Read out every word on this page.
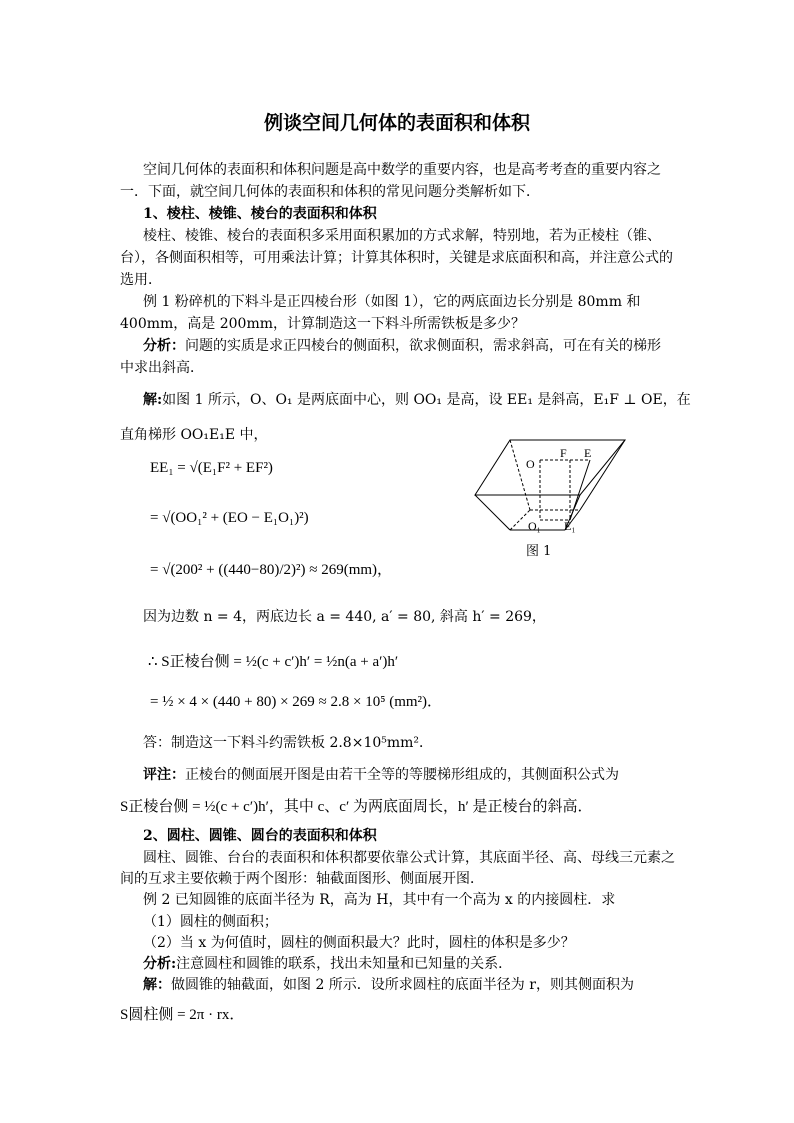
例谈空间几何体的表面积和体积
空间几何体的表面积和体积问题是高中数学的重要内容，也是高考考查的重要内容之
一．下面，就空间几何体的表面积和体积的常见问题分类解析如下．
1、棱柱、棱锥、棱台的表面积和体积
棱柱、棱锥、棱台的表面积多采用面积累加的方式求解，特别地，若为正棱柱（锥、
台），各侧面积相等，可用乘法计算；计算其体积时，关键是求底面积和高，并注意公式的
选用．
例 1 粉碎机的下料斗是正四棱台形（如图 1），它的两底面边长分别是 80mm 和
400mm，高是 200mm，计算制造这一下料斗所需铁板是多少？
分析：问题的实质是求正四棱台的侧面积，欲求侧面积，需求斜高，可在有关的梯形
中求出斜高．
解:如图 1 所示，O、O₁ 是两底面中心，则 OO₁ 是高，设 EE₁ 是斜高，E₁F ⊥ OE，在
直角梯形 OO₁E₁E 中，
EE₁ = √(E₁F² + EF²)
= √(OO₁² + (EO − E₁O₁)²)
= √(200² + ((440−80)/2)²) ≈ 269(mm)，
因为边数 n = 4，两底边长 a = 440, a′ = 80, 斜高 h′ = 269，
∴ S正棱台侧 = ½(c + c′)h′ = ½n(a + a′)h′
= ½ × 4 × (440 + 80) × 269 ≈ 2.8 × 10⁵ (mm²)．
答：制造这一下料斗约需铁板 2.8×10⁵mm²．
评注：正棱台的侧面展开图是由若干全等的等腰梯形组成的，其侧面积公式为
S正棱台侧 = ½(c + c′)h′，其中 c、c′ 为两底面周长，h′ 是正棱台的斜高．
O
F E
O₁ E₁
图 1
2、圆柱、圆锥、圆台的表面积和体积
圆柱、圆锥、台台的表面积和体积都要依靠公式计算，其底面半径、高、母线三元素之
间的互求主要依赖于两个图形：轴截面图形、侧面展开图．
例 2 已知圆锥的底面半径为 R，高为 H，其中有一个高为 x 的内接圆柱．求
（1）圆柱的侧面积；
（2）当 x 为何值时，圆柱的侧面积最大？此时，圆柱的体积是多少？
分析:注意圆柱和圆锥的联系，找出未知量和已知量的关系．
解：做圆锥的轴截面，如图 2 所示．设所求圆柱的底面半径为 r，则其侧面积为
S圆柱侧 = 2π · rx．
